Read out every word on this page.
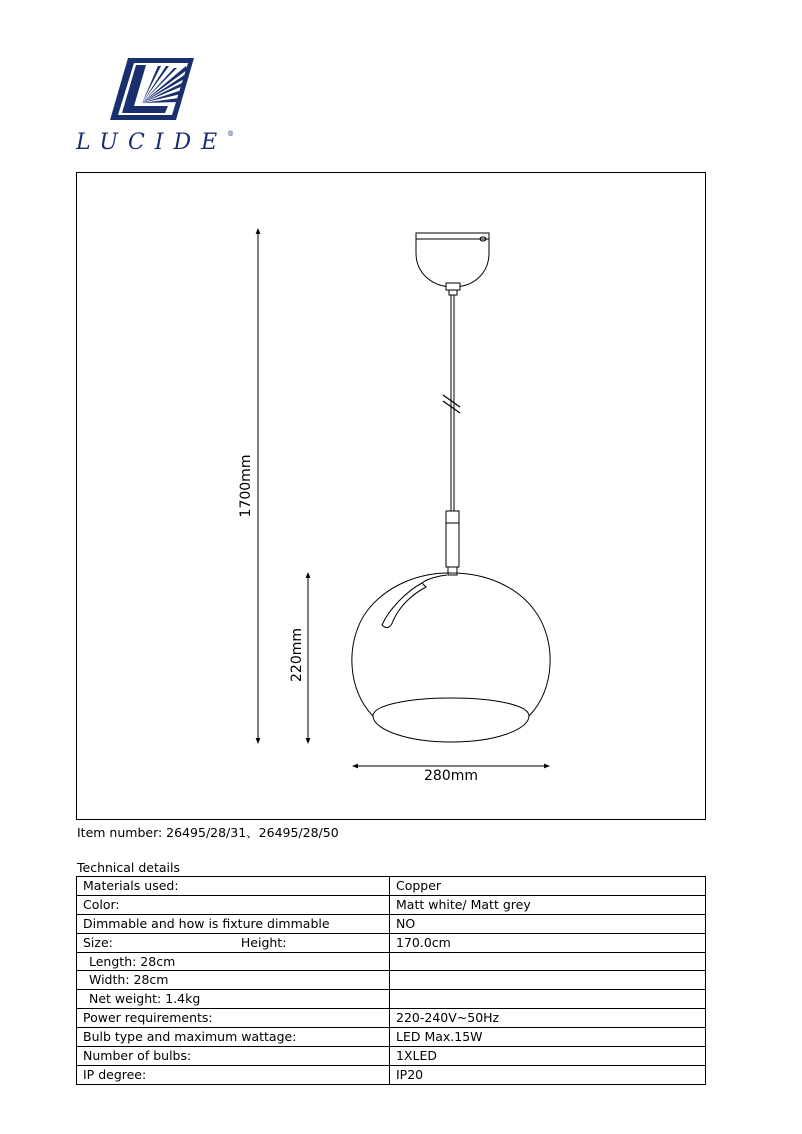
LUCIDE®
1700mm
220mm
280mm
Item number: 26495/28/31、26495/28/50
Technical details
Materials used:	Copper
Color:	Matt white/ Matt grey
Dimmable and how is fixture dimmable	NO
Size: Height:	170.0cm
Length: 28cm	
Width: 28cm	
Net weight: 1.4kg	
Power requirements:	220-240V~50Hz
Bulb type and maximum wattage:	LED Max.15W
Number of bulbs:	1XLED
IP degree:	IP20
